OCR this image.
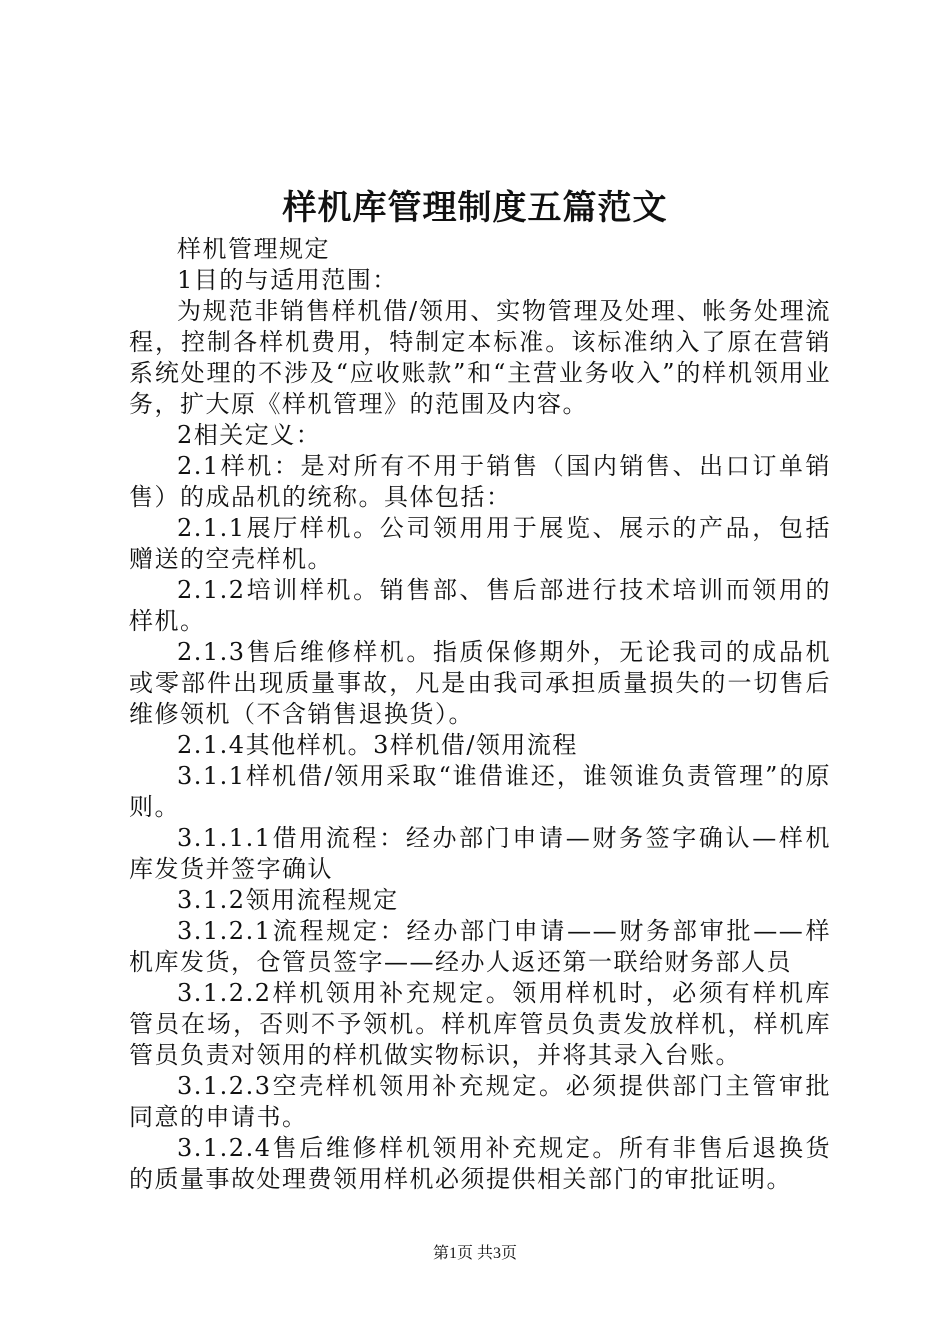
样机库管理制度五篇范文

样机管理规定

1目的与适用范围：

为规范非销售样机借/领用、实物管理及处理、帐务处理流程，控制各样机费用，特制定本标准。该标准纳入了原在营销系统处理的不涉及“应收账款”和“主营业务收入”的样机领用业务，扩大原《样机管理》的范围及内容。

2相关定义：

2.1样机：是对所有不用于销售（国内销售、出口订单销售）的成品机的统称。具体包括：

2.1.1展厅样机。公司领用用于展览、展示的产品，包括赠送的空壳样机。

2.1.2培训样机。销售部、售后部进行技术培训而领用的样机。

2.1.3售后维修样机。指质保修期外，无论我司的成品机或零部件出现质量事故，凡是由我司承担质量损失的一切售后维修领机（不含销售退换货）。

2.1.4其他样机。3样机借/领用流程

3.1.1样机借/领用采取“谁借谁还，谁领谁负责管理”的原则。

3.1.1.1借用流程：经办部门申请—财务签字确认—样机库发货并签字确认

3.1.2领用流程规定

3.1.2.1流程规定：经办部门申请——财务部审批——样机库发货，仓管员签字——经办人返还第一联给财务部人员

3.1.2.2样机领用补充规定。领用样机时，必须有样机库管员在场，否则不予领机。样机库管员负责发放样机，样机库管员负责对领用的样机做实物标识，并将其录入台账。

3.1.2.3空壳样机领用补充规定。必须提供部门主管审批同意的申请书。

3.1.2.4售后维修样机领用补充规定。所有非售后退换货的质量事故处理费领用样机必须提供相关部门的审批证明。

第1页 共3页
